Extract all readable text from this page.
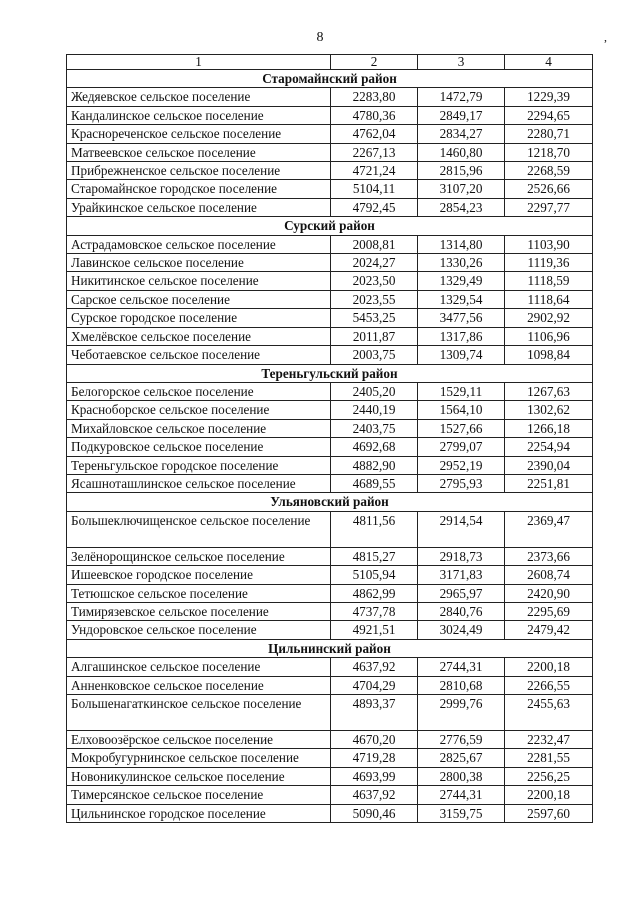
8	,
1	2	3	4
Старомайнский район			
Жедяевское сельское поселение	2283,80	1472,79	1229,39
Кандалинское сельское поселение	4780,36	2849,17	2294,65
Краснореченское сельское поселение	4762,04	2834,27	2280,71
Матвеевское сельское поселение	2267,13	1460,80	1218,70
Прибрежненское сельское поселение	4721,24	2815,96	2268,59
Старомайнское городское поселение	5104,11	3107,20	2526,66
Урайкинское сельское поселение	4792,45	2854,23	2297,77
Сурский район			
Астрадамовское сельское поселение	2008,81	1314,80	1103,90
Лавинское сельское поселение	2024,27	1330,26	1119,36
Никитинское сельское поселение	2023,50	1329,49	1118,59
Сарское сельское поселение	2023,55	1329,54	1118,64
Сурское городское поселение	5453,25	3477,56	2902,92
Хмелёвское сельское поселение	2011,87	1317,86	1106,96
Чеботаевское сельское поселение	2003,75	1309,74	1098,84
Тереньгульский район			
Белогорское сельское поселение	2405,20	1529,11	1267,63
Красноборское сельское поселение	2440,19	1564,10	1302,62
Михайловское сельское поселение	2403,75	1527,66	1266,18
Подкуровское сельское поселение	4692,68	2799,07	2254,94
Тереньгульское городское поселение	4882,90	2952,19	2390,04
Ясашноташлинское сельское поселение	4689,55	2795,93	2251,81
Ульяновский район			
Большеключищенское сельское поселение	4811,56	2914,54	2369,47
Зелёнорощинское сельское поселение	4815,27	2918,73	2373,66
Ишеевское городское поселение	5105,94	3171,83	2608,74
Тетюшское сельское поселение	4862,99	2965,97	2420,90
Тимирязевское сельское поселение	4737,78	2840,76	2295,69
Ундоровское сельское поселение	4921,51	3024,49	2479,42
Цильнинский район			
Алгашинское сельское поселение	4637,92	2744,31	2200,18
Анненковское сельское поселение	4704,29	2810,68	2266,55
Большенагаткинское сельское поселение	4893,37	2999,76	2455,63
Елховоозёрское сельское поселение	4670,20	2776,59	2232,47
Мокробугурнинское сельское поселение	4719,28	2825,67	2281,55
Новоникулинское сельское поселение	4693,99	2800,38	2256,25
Тимерсянское сельское поселение	4637,92	2744,31	2200,18
Цильнинское городское поселение	5090,46	3159,75	2597,60
